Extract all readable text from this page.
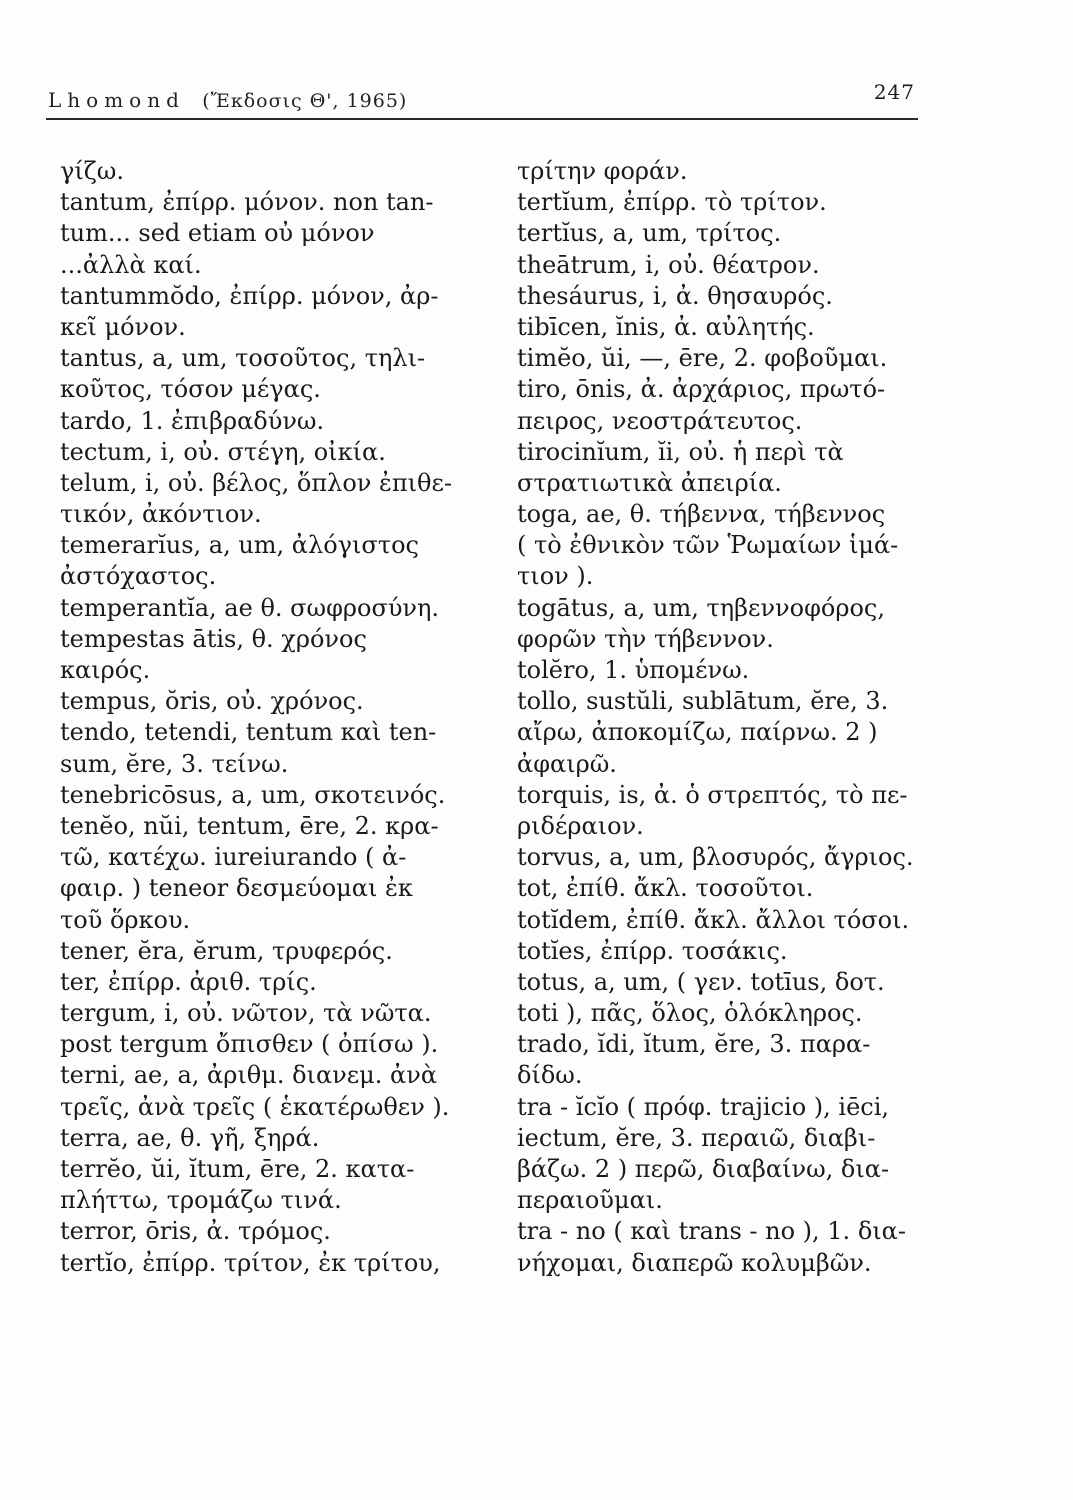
Lhomond (Ἔκδοσις Θ', 1965)	247
γίζω.
tantum, ἐπίρρ. μόνον. non tan-
tum... sed etiam οὐ μόνον
...ἀλλὰ καί.
tantummŏdo, ἐπίρρ. μόνον, ἀρ-
κεῖ μόνον.
tantus, a, um, τοσοῦτος, τηλι-
κοῦτος, τόσον μέγας.
tardo, 1. ἐπιβραδύνω.
tectum, i, οὐ. στέγη, οἰκία.
telum, i, οὐ. βέλος, ὅπλον ἐπιθε-
τικόν, ἀκόντιον.
temerarĭus, a, um, ἀλόγιστος
ἀστόχαστος.
temperantĭa, ae θ. σωφροσύνη.
tempestas ātis, θ. χρόνος
καιρός.
tempus, ŏris, οὐ. χρόνος.
tendo, tetendi, tentum καὶ ten-
sum, ĕre, 3. τείνω.
tenebricōsus, a, um, σκοτεινός.
tenĕo, nŭi, tentum, ēre, 2. κρα-
τῶ, κατέχω. iureiurando ( ἀ-
φαιρ. ) teneor δεσμεύομαι ἐκ
τοῦ ὅρκου.
tener, ĕra, ĕrum, τρυφερός.
ter, ἐπίρρ. ἀριθ. τρίς.
tergum, i, οὐ. νῶτον, τὰ νῶτα.
post tergum ὄπισθεν ( ὀπίσω ).
terni, ae, a, ἀριθμ. διανεμ. ἀνὰ
τρεῖς, ἀνὰ τρεῖς ( ἑκατέρωθεν ).
terra, ae, θ. γῆ, ξηρά.
terrĕo, ŭi, ĭtum, ēre, 2. κατα-
πλήττω, τρομάζω τινά.
terror, ōris, ἀ. τρόμος.
tertĭo, ἐπίρρ. τρίτον, ἐκ τρίτου,
τρίτην φοράν.
tertĭum, ἐπίρρ. τὸ τρίτον.
tertĭus, a, um, τρίτος.
theātrum, i, οὐ. θέατρον.
thesáurus, i, ἀ. θησαυρός.
tibīcen, ĭnis, ἀ. αὐλητής.
timĕo, ŭi, —, ēre, 2. φοβοῦμαι.
tiro, ōnis, ἀ. ἀρχάριος, πρωτό-
πειρος, νεοστράτευτος.
tirocinĭum, ĭi, οὐ. ἡ περὶ τὰ
στρατιωτικὰ ἀπειρία.
toga, ae, θ. τήβεννα, τήβεννος
( τὸ ἐθνικὸν τῶν Ῥωμαίων ἱμά-
τιον ).
togātus, a, um, τηβεννοφόρος,
φορῶν τὴν τήβεννον.
tolĕro, 1. ὑπομένω.
tollo, sustŭli, sublātum, ĕre, 3.
αἴρω, ἀποκομίζω, παίρνω. 2 )
ἀφαιρῶ.
torquis, is, ἀ. ὁ στρεπτός, τὸ πε-
ριδέραιον.
torvus, a, um, βλοσυρός, ἄγριος.
tot, ἐπίθ. ἄκλ. τοσοῦτοι.
totĭdem, ἐπίθ. ἄκλ. ἄλλοι τόσοι.
totĭes, ἐπίρρ. τοσάκις.
totus, a, um, ( γεν. totīus, δοτ.
toti ), πᾶς, ὅλος, ὁλόκληρος.
trado, ĭdi, ĭtum, ĕre, 3. παρα-
δίδω.
tra - ĭcĭo ( πρόφ. trajicio ), iēci,
iectum, ĕre, 3. περαιῶ, διαβι-
βάζω. 2 ) περῶ, διαβαίνω, δια-
περαιοῦμαι.
tra - no ( καὶ trans - no ), 1. δια-
νήχομαι, διαπερῶ κολυμβῶν.
